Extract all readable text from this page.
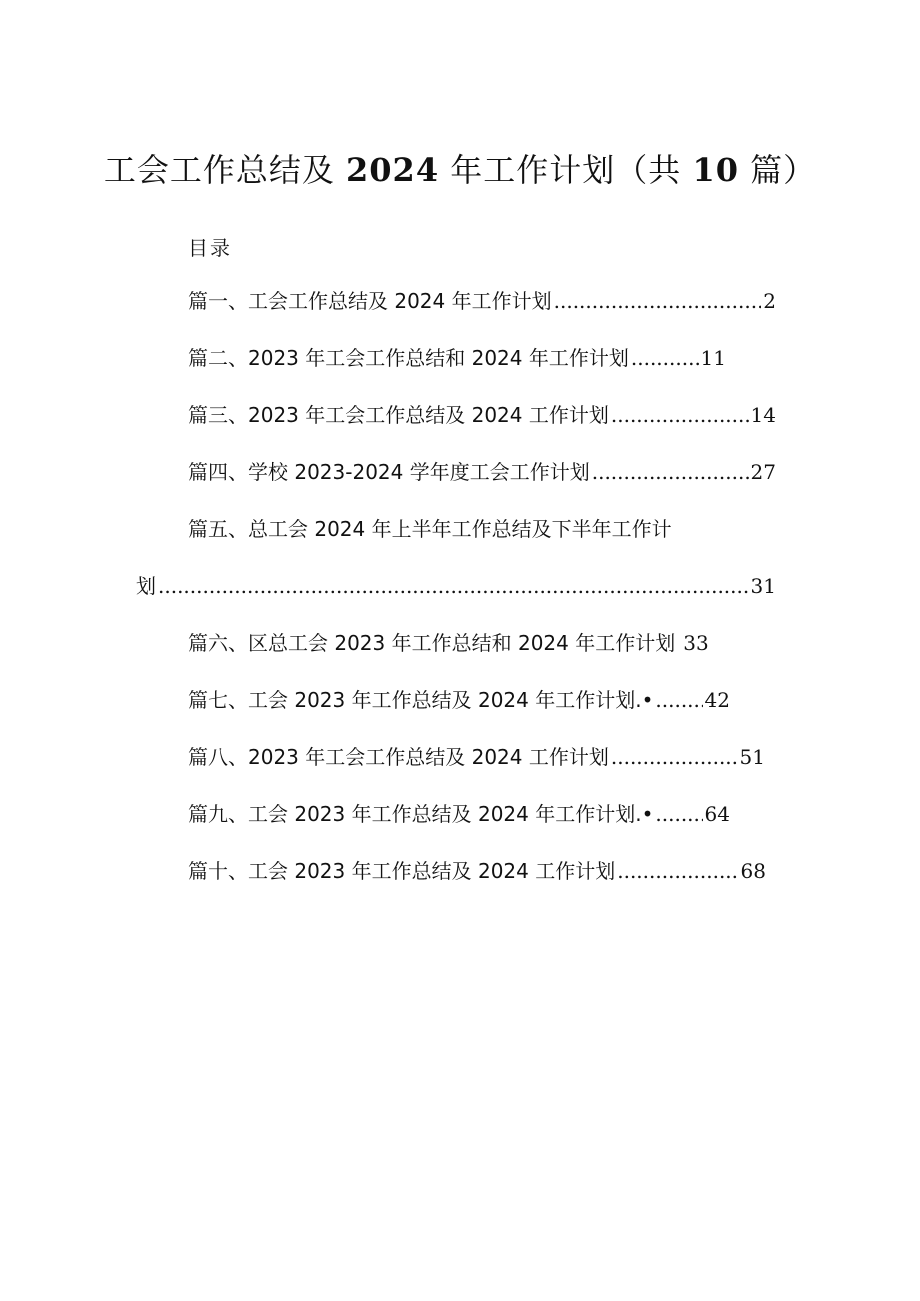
工会工作总结及 2024 年工作计划（共 10 篇）
目录
篇一、工会工作总结及 2024 年工作计划 .....	2
篇二、2023 年工会工作总结和 2024 年工作计划 .....	11
篇三、2023 年工会工作总结及 2024 工作计划 .....	14
篇四、学校 2023-2024 学年度工会工作计划 .....	27
篇五、总工会 2024 年上半年工作总结及下半年工作计
划 .....	31
篇六、区总工会 2023 年工作总结和 2024 年工作计划 33
篇七、工会 2023 年工作总结及 2024 年工作计划.• .....	42
篇八、2023 年工会工作总结及 2024 工作计划 .....	51
篇九、工会 2023 年工作总结及 2024 年工作计划.• .....	64
篇十、工会 2023 年工作总结及 2024 工作计划 .....	68
